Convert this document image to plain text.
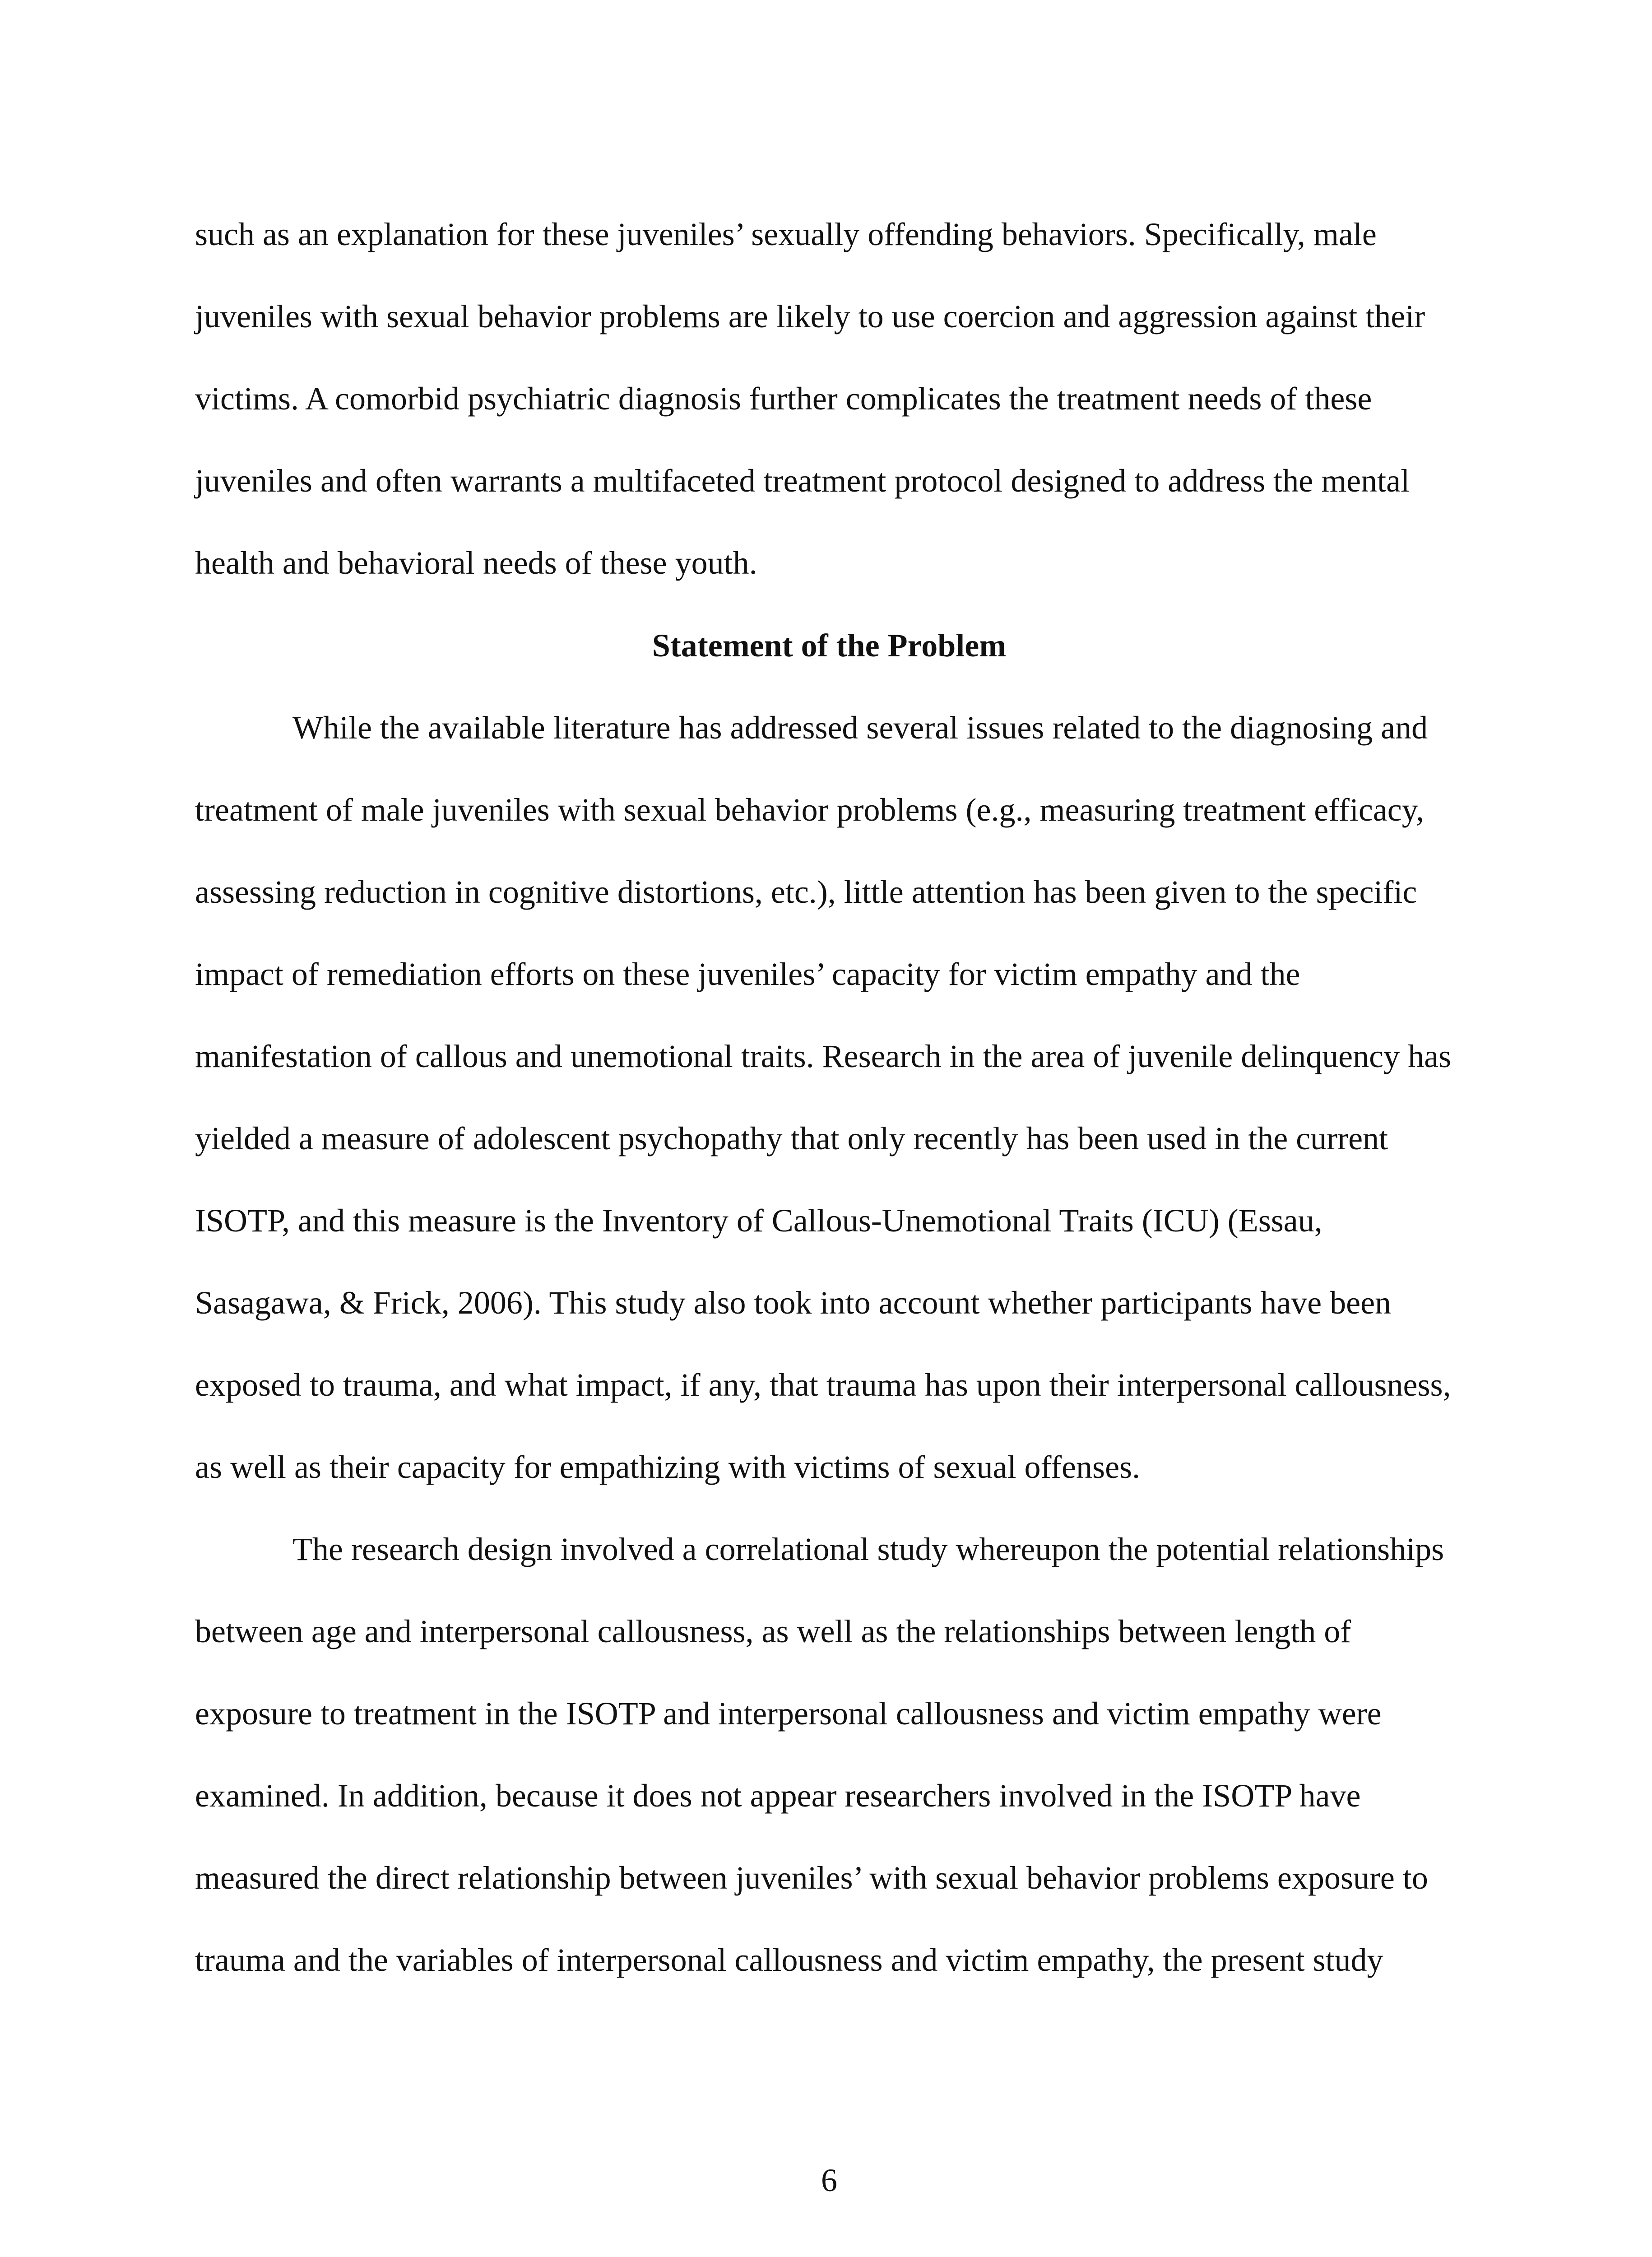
such as an explanation for these juveniles’ sexually offending behaviors. Specifically, male juveniles with sexual behavior problems are likely to use coercion and aggression against their victims. A comorbid psychiatric diagnosis further complicates the treatment needs of these juveniles and often warrants a multifaceted treatment protocol designed to address the mental health and behavioral needs of these youth.

Statement of the Problem

While the available literature has addressed several issues related to the diagnosing and treatment of male juveniles with sexual behavior problems (e.g., measuring treatment efficacy, assessing reduction in cognitive distortions, etc.), little attention has been given to the specific impact of remediation efforts on these juveniles’ capacity for victim empathy and the manifestation of callous and unemotional traits. Research in the area of juvenile delinquency has yielded a measure of adolescent psychopathy that only recently has been used in the current ISOTP, and this measure is the Inventory of Callous-Unemotional Traits (ICU) (Essau, Sasagawa, & Frick, 2006). This study also took into account whether participants have been exposed to trauma, and what impact, if any, that trauma has upon their interpersonal callousness, as well as their capacity for empathizing with victims of sexual offenses.

The research design involved a correlational study whereupon the potential relationships between age and interpersonal callousness, as well as the relationships between length of exposure to treatment in the ISOTP and interpersonal callousness and victim empathy were examined. In addition, because it does not appear researchers involved in the ISOTP have measured the direct relationship between juveniles’ with sexual behavior problems exposure to trauma and the variables of interpersonal callousness and victim empathy, the present study

6
